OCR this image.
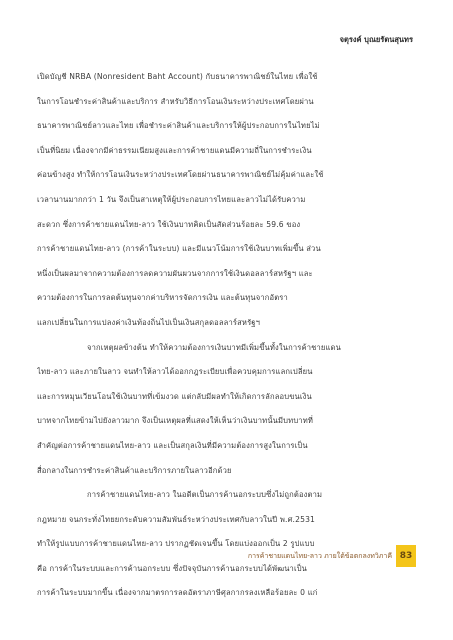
จตุรงค์ บุณยรัตนสุนทร
เปิดบัญชี NRBA (Nonresident Baht Account) กับธนาคารพาณิชย์ในไทย เพื่อใช้
ในการโอนชำระค่าสินค้าและบริการ สำหรับวิธีการโอนเงินระหว่างประเทศโดยผ่าน
ธนาคารพาณิชย์ลาวและไทย เพื่อชำระค่าสินค้าและบริการให้ผู้ประกอบการในไทยไม่
เป็นที่นิยม เนื่องจากมีค่าธรรมเนียมสูงและการค้าชายแดนมีความถี่ในการชำระเงิน
ค่อนข้างสูง ทำให้การโอนเงินระหว่างประเทศโดยผ่านธนาคารพาณิชย์ไม่คุ้มค่าและใช้
เวลานานมากกว่า 1 วัน จึงเป็นสาเหตุให้ผู้ประกอบการไทยและลาวไม่ได้รับความ
สะดวก ซึ่งการค้าชายแดนไทย-ลาว ใช้เงินบาทคิดเป็นสัดส่วนร้อยละ 59.6 ของ
การค้าชายแดนไทย-ลาว (การค้าในระบบ) และมีแนวโน้มการใช้เงินบาทเพิ่มขึ้น ส่วน
หนึ่งเป็นผลมาจากความต้องการลดความผันผวนจากการใช้เงินดอลลาร์สหรัฐฯ และ
ความต้องการในการลดต้นทุนจากค่าบริหารจัดการเงิน และต้นทุนจากอัตรา
แลกเปลี่ยนในการแปลงค่าเงินท้องถิ่นไปเป็นเงินสกุลดอลลาร์สหรัฐฯ
จากเหตุผลข้างต้น ทำให้ความต้องการเงินบาทมีเพิ่มขึ้นทั้งในการค้าชายแดน
ไทย-ลาว และภายในลาว จนทำให้ลาวได้ออกกฎระเบียบเพื่อควบคุมการแลกเปลี่ยน
และการหมุนเวียนโอนใช้เงินบาทที่เข้มงวด แต่กลับมีผลทำให้เกิดการลักลอบขนเงิน
บาทจากไทยข้ามไปยังลาวมาก จึงเป็นเหตุผลที่แสดงให้เห็นว่าเงินบาทนั้นมีบทบาทที่
สำคัญต่อการค้าชายแดนไทย-ลาว และเป็นสกุลเงินที่มีความต้องการสูงในการเป็น
สื่อกลางในการชำระค่าสินค้าและบริการภายในลาวอีกด้วย
การค้าชายแดนไทย-ลาว ในอดีตเป็นการค้านอกระบบซึ่งไม่ถูกต้องตาม
กฎหมาย จนกระทั่งไทยยกระดับความสัมพันธ์ระหว่างประเทศกับลาวในปี พ.ศ.2531
ทำให้รูปแบบการค้าชายแดนไทย-ลาว ปรากฏชัดเจนขึ้น โดยแบ่งออกเป็น 2 รูปแบบ
คือ การค้าในระบบและการค้านอกระบบ ซึ่งปัจจุบันการค้านอกระบบได้พัฒนาเป็น
การค้าในระบบมากขึ้น เนื่องจากมาตรการลดอัตราภาษีศุลกากรลงเหลือร้อยละ 0 แก่
การค้าชายแดนไทย-ลาว ภายใต้ข้อตกลงทวิภาคี 83
